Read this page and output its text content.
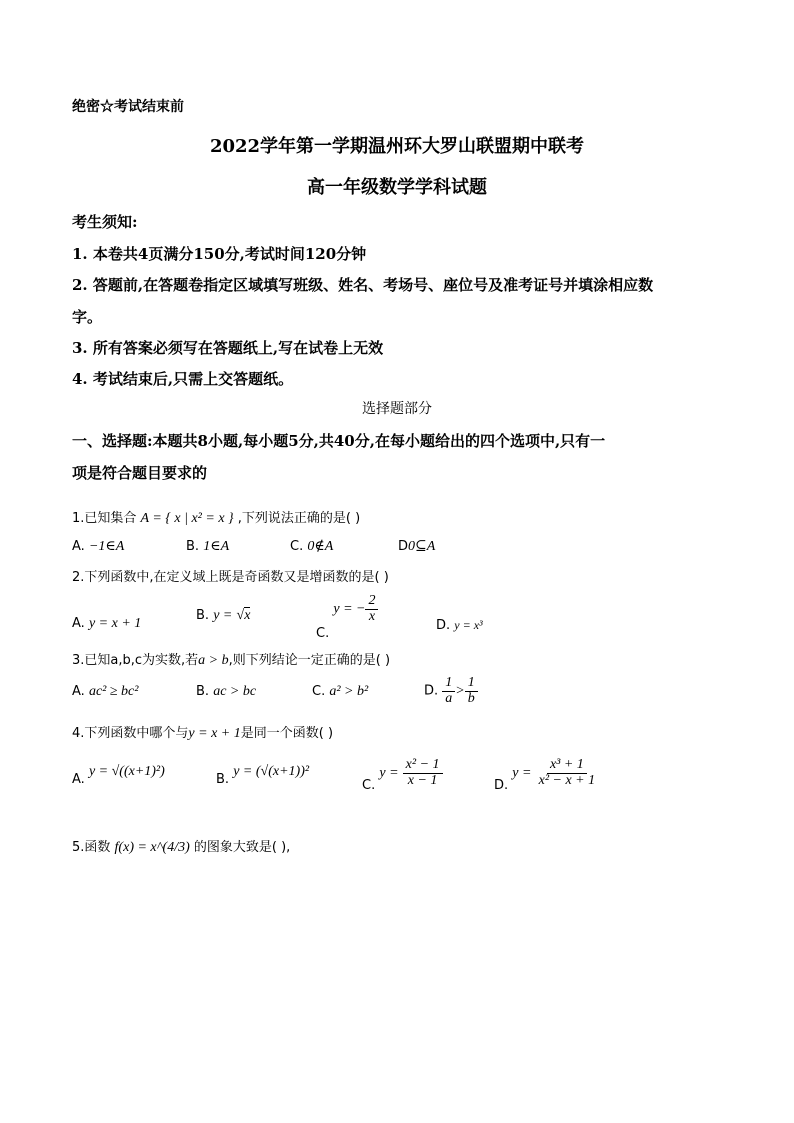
绝密☆考试结束前
2022学年第一学期温州环大罗山联盟期中联考
高一年级数学学科试题
考生须知:
1. 本卷共4页满分150分,考试时间120分钟
2. 答题前,在答题卷指定区域填写班级、姓名、考场号、座位号及准考证号并填涂相应数
字。
3. 所有答案必须写在答题纸上,写在试卷上无效
4. 考试结束后,只需上交答题纸。
选择题部分
一、选择题:本题共8小题,每小题5分,共40分,在每小题给出的四个选项中,只有一
项是符合题目要求的
1.已知集合 A = { x | x² = x } ,下列说法正确的是( )
A. −1∈A	B. 1∈A	C. 0∉A	D0⊆A
2.下列函数中,在定义域上既是奇函数又是增函数的是( )
A. y = x + 1
B. y = √x
C. y = − $\frac{2}{x}$
D. y = x³
3.已知a,b,c为实数,若a > b,则下列结论一定正确的是( )
A. ac² ≥ bc²	B. ac > bc	C. a² > b²	D. $\frac{1}{a} > \frac{1}{b}$
4.下列函数中哪个与y = x + 1是同一个函数( )
A. y = √((x+1)²)
B. y = (√(x+1))²
C. $y = \frac{\text{x² − 1}}{x - 1}$	D. $y = \frac{\text{x³ + 1}}{\text{x² − x + 1}}$
5.函数 f(x) = x^(4/3) 的图象大致是( ),
